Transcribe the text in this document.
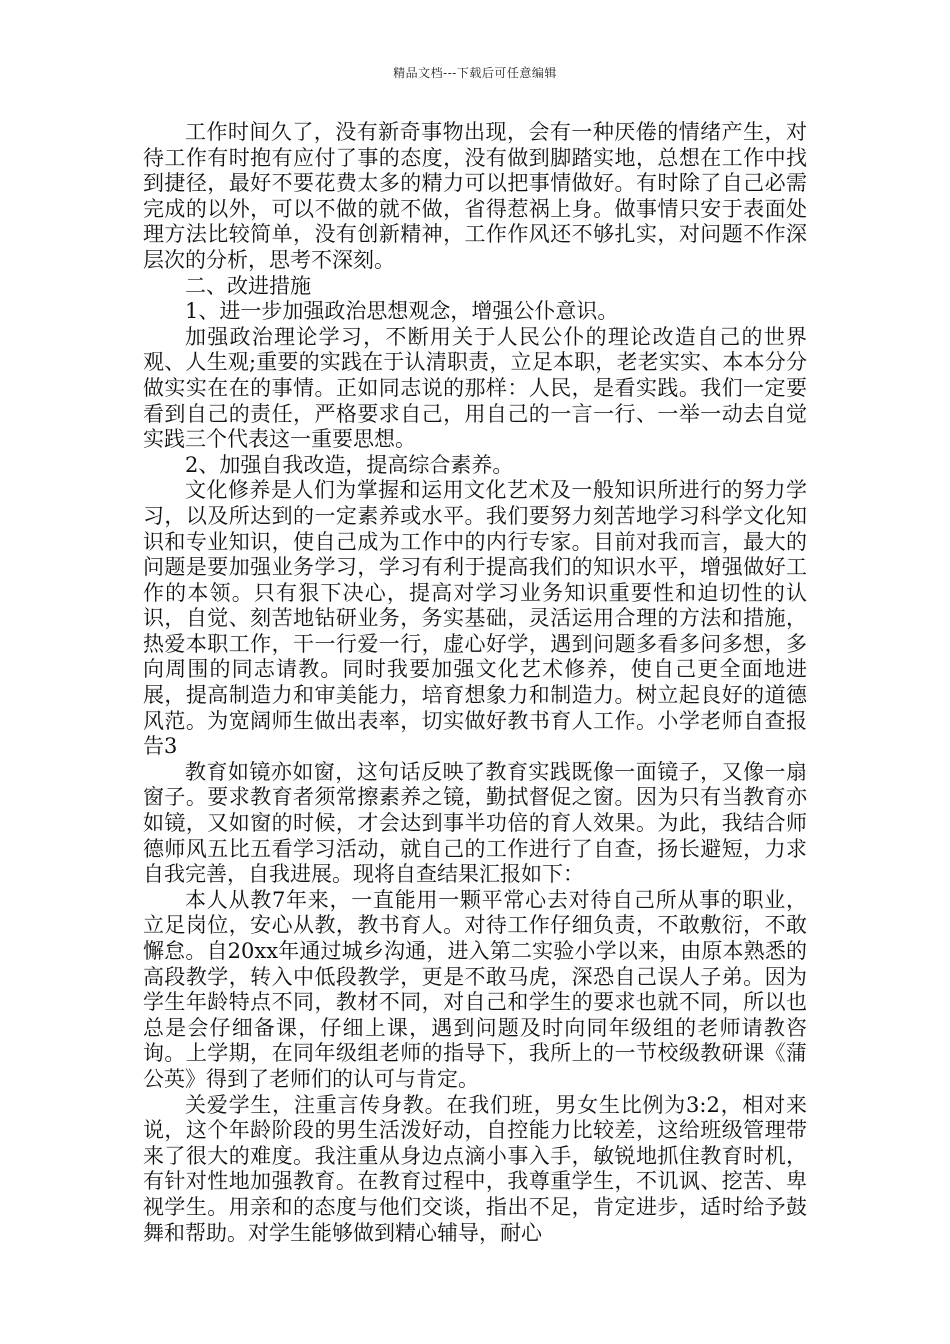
精品文档---下载后可任意编辑

工作时间久了，没有新奇事物出现，会有一种厌倦的情绪产生，对待工作有时抱有应付了事的态度，没有做到脚踏实地，总想在工作中找到捷径，最好不要花费太多的精力可以把事情做好。有时除了自己必需完成的以外，可以不做的就不做，省得惹祸上身。做事情只安于表面处理方法比较简单，没有创新精神，工作作风还不够扎实，对问题不作深层次的分析，思考不深刻。

二、改进措施

1、进一步加强政治思想观念，增强公仆意识。

加强政治理论学习，不断用关于人民公仆的理论改造自己的世界观、人生观;重要的实践在于认清职责，立足本职，老老实实、本本分分做实实在在的事情。正如同志说的那样：人民，是看实践。我们一定要看到自己的责任，严格要求自己，用自己的一言一行、一举一动去自觉实践三个代表这一重要思想。

2、加强自我改造，提高综合素养。

文化修养是人们为掌握和运用文化艺术及一般知识所进行的努力学习，以及所达到的一定素养或水平。我们要努力刻苦地学习科学文化知识和专业知识，使自己成为工作中的内行专家。目前对我而言，最大的问题是要加强业务学习，学习有利于提高我们的知识水平，增强做好工作的本领。只有狠下决心，提高对学习业务知识重要性和迫切性的认识，自觉、刻苦地钻研业务，务实基础，灵活运用合理的方法和措施，热爱本职工作，干一行爱一行，虚心好学，遇到问题多看多问多想，多向周围的同志请教。同时我要加强文化艺术修养，使自己更全面地进展，提高制造力和审美能力，培育想象力和制造力。树立起良好的道德风范。为宽阔师生做出表率，切实做好教书育人工作。小学老师自查报告3

教育如镜亦如窗，这句话反映了教育实践既像一面镜子，又像一扇窗子。要求教育者须常擦素养之镜，勤拭督促之窗。因为只有当教育亦如镜，又如窗的时候，才会达到事半功倍的育人效果。为此，我结合师德师风五比五看学习活动，就自己的工作进行了自查，扬长避短，力求自我完善，自我进展。现将自查结果汇报如下：

本人从教7年来，一直能用一颗平常心去对待自己所从事的职业，立足岗位，安心从教，教书育人。对待工作仔细负责，不敢敷衍，不敢懈怠。自20xx年通过城乡沟通，进入第二实验小学以来，由原本熟悉的高段教学，转入中低段教学，更是不敢马虎，深恐自己误人子弟。因为学生年龄特点不同，教材不同，对自己和学生的要求也就不同，所以也总是会仔细备课，仔细上课，遇到问题及时向同年级组的老师请教咨询。上学期，在同年级组老师的指导下，我所上的一节校级教研课《蒲公英》得到了老师们的认可与肯定。

关爱学生，注重言传身教。在我们班，男女生比例为3:2，相对来说，这个年龄阶段的男生活泼好动，自控能力比较差，这给班级管理带来了很大的难度。我注重从身边点滴小事入手，敏锐地抓住教育时机，有针对性地加强教育。在教育过程中，我尊重学生，不讥讽、挖苦、卑视学生。用亲和的态度与他们交谈，指出不足，肯定进步，适时给予鼓舞和帮助。对学生能够做到精心辅导，耐心
